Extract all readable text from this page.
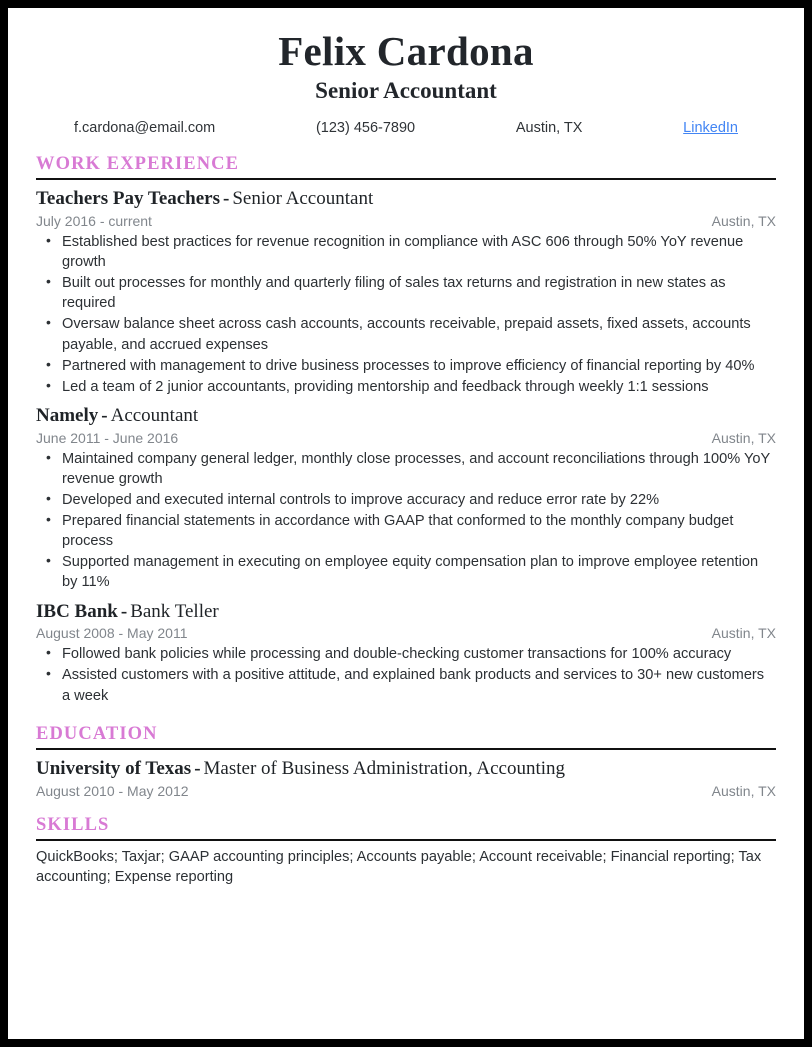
Felix Cardona
Senior Accountant
f.cardona@email.com	(123) 456-7890	Austin, TX	LinkedIn
WORK EXPERIENCE
Teachers Pay Teachers - Senior Accountant
July 2016 - current	Austin, TX
• Established best practices for revenue recognition in compliance with ASC 606 through 50% YoY revenue growth
• Built out processes for monthly and quarterly filing of sales tax returns and registration in new states as required
• Oversaw balance sheet across cash accounts, accounts receivable, prepaid assets, fixed assets, accounts payable, and accrued expenses
• Partnered with management to drive business processes to improve efficiency of financial reporting by 40%
• Led a team of 2 junior accountants, providing mentorship and feedback through weekly 1:1 sessions
Namely - Accountant
June 2011 - June 2016	Austin, TX
• Maintained company general ledger, monthly close processes, and account reconciliations through 100% YoY revenue growth
• Developed and executed internal controls to improve accuracy and reduce error rate by 22%
• Prepared financial statements in accordance with GAAP that conformed to the monthly company budget process
• Supported management in executing on employee equity compensation plan to improve employee retention by 11%
IBC Bank - Bank Teller
August 2008 - May 2011	Austin, TX
• Followed bank policies while processing and double-checking customer transactions for 100% accuracy
• Assisted customers with a positive attitude, and explained bank products and services to 30+ new customers a week
EDUCATION
University of Texas - Master of Business Administration, Accounting
August 2010 - May 2012	Austin, TX
SKILLS
QuickBooks; Taxjar; GAAP accounting principles; Accounts payable; Account receivable; Financial reporting; Tax accounting; Expense reporting
